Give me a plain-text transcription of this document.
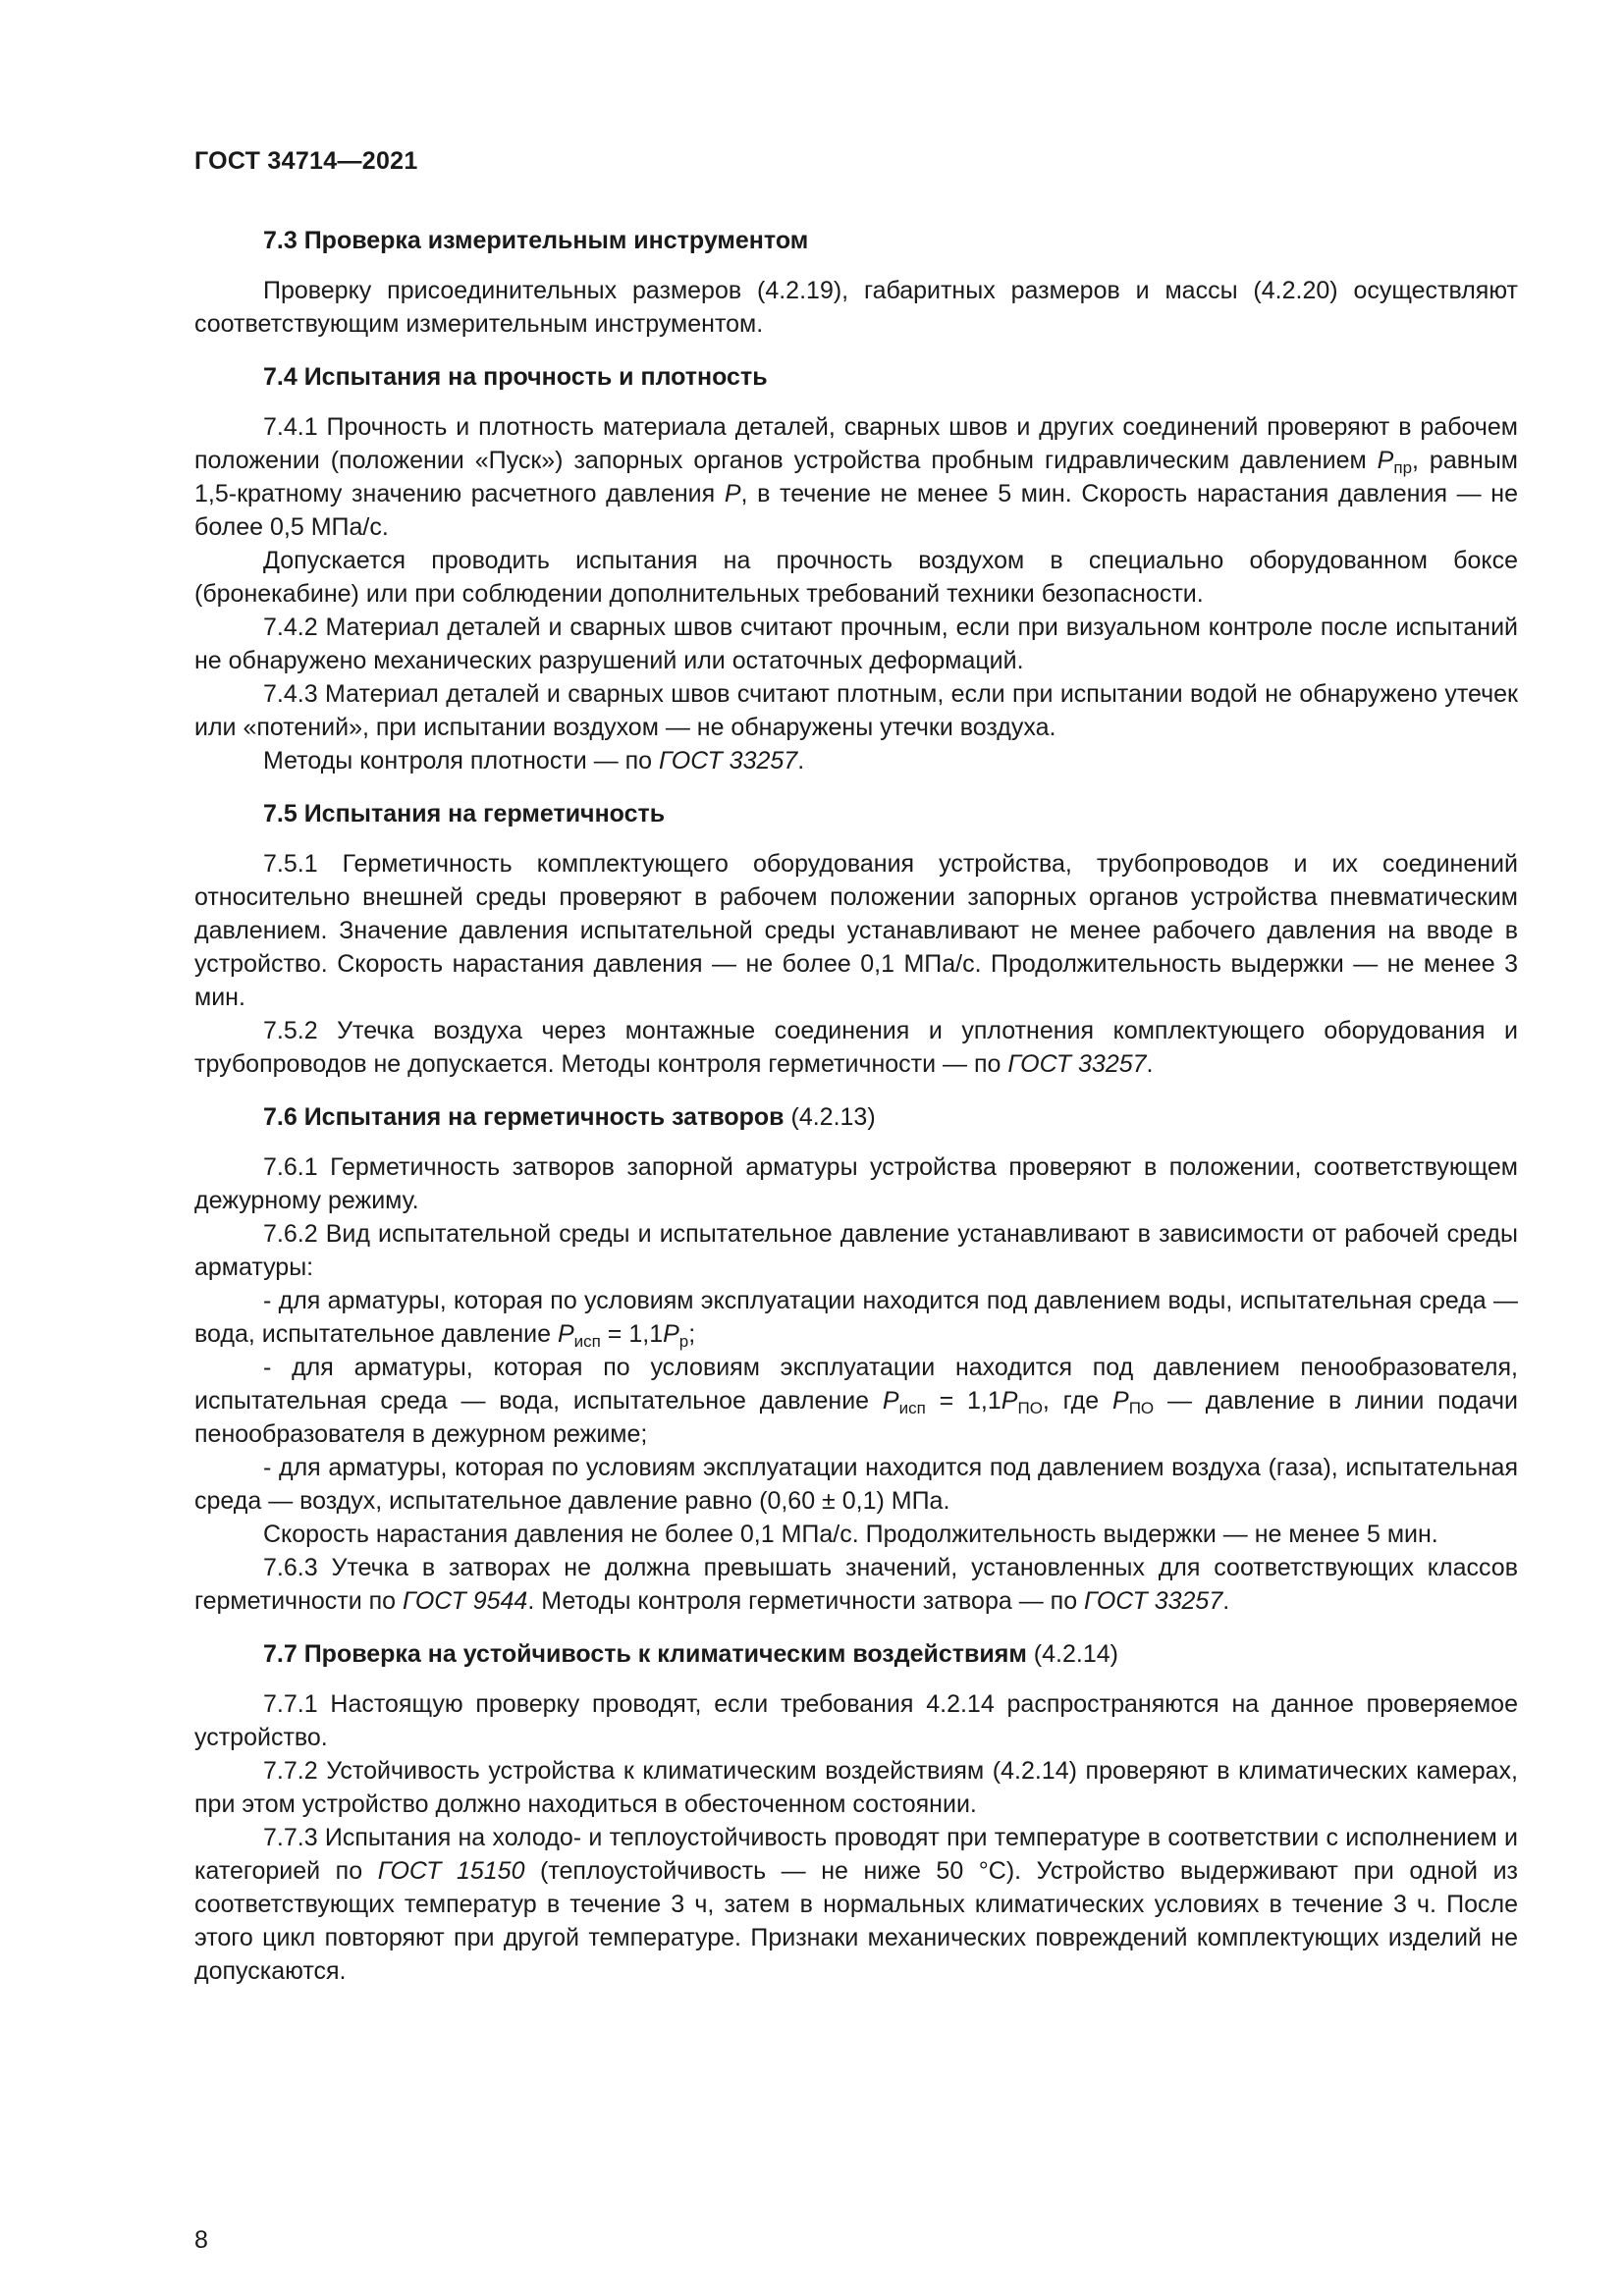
ГОСТ 34714—2021
7.3 Проверка измерительным инструментом

Проверку присоединительных размеров (4.2.19), габаритных размеров и массы (4.2.20) осуществляют соответствующим измерительным инструментом.

7.4 Испытания на прочность и плотность

7.4.1 Прочность и плотность материала деталей, сварных швов и других соединений проверяют в рабочем положении (положении «Пуск») запорных органов устройства пробным гидравлическим давлением $P_{пр}$, равным 1,5-кратному значению расчетного давления P, в течение не менее 5 мин. Скорость нарастания давления — не более 0,5 МПа/с.

Допускается проводить испытания на прочность воздухом в специально оборудованном боксе (бронекабине) или при соблюдении дополнительных требований техники безопасности.

7.4.2 Материал деталей и сварных швов считают прочным, если при визуальном контроле после испытаний не обнаружено механических разрушений или остаточных деформаций.

7.4.3 Материал деталей и сварных швов считают плотным, если при испытании водой не обнаружено утечек или «потений», при испытании воздухом — не обнаружены утечки воздуха.

Методы контроля плотности — по ГОСТ 33257.

7.5 Испытания на герметичность

7.5.1 Герметичность комплектующего оборудования устройства, трубопроводов и их соединений относительно внешней среды проверяют в рабочем положении запорных органов устройства пневматическим давлением. Значение давления испытательной среды устанавливают не менее рабочего давления на вводе в устройство. Скорость нарастания давления — не более 0,1 МПа/с. Продолжительность выдержки — не менее 3 мин.

7.5.2 Утечка воздуха через монтажные соединения и уплотнения комплектующего оборудования и трубопроводов не допускается. Методы контроля герметичности — по ГОСТ 33257.

7.6 Испытания на герметичность затворов (4.2.13)

7.6.1 Герметичность затворов запорной арматуры устройства проверяют в положении, соответствующем дежурному режиму.

7.6.2 Вид испытательной среды и испытательное давление устанавливают в зависимости от рабочей среды арматуры:

- для арматуры, которая по условиям эксплуатации находится под давлением воды, испытательная среда — вода, испытательное давление $P_{исп} = 1,1P_р$;

- для арматуры, которая по условиям эксплуатации находится под давлением пенообразователя, испытательная среда — вода, испытательное давление $P_{исп} = 1,1P_{ПО}$, где $P_{ПО}$ — давление в линии подачи пенообразователя в дежурном режиме;

- для арматуры, которая по условиям эксплуатации находится под давлением воздуха (газа), испытательная среда — воздух, испытательное давление равно (0,60 ± 0,1) МПа.

Скорость нарастания давления не более 0,1 МПа/с. Продолжительность выдержки — не менее 5 мин.

7.6.3 Утечка в затворах не должна превышать значений, установленных для соответствующих классов герметичности по ГОСТ 9544. Методы контроля герметичности затвора — по ГОСТ 33257.

7.7 Проверка на устойчивость к климатическим воздействиям (4.2.14)

7.7.1 Настоящую проверку проводят, если требования 4.2.14 распространяются на данное проверяемое устройство.

7.7.2 Устойчивость устройства к климатическим воздействиям (4.2.14) проверяют в климатических камерах, при этом устройство должно находиться в обесточенном состоянии.

7.7.3 Испытания на холодо- и теплоустойчивость проводят при температуре в соответствии с исполнением и категорией по ГОСТ 15150 (теплоустойчивость — не ниже 50 °С). Устройство выдерживают при одной из соответствующих температур в течение 3 ч, затем в нормальных климатических условиях в течение 3 ч. После этого цикл повторяют при другой температуре. Признаки механических повреждений комплектующих изделий не допускаются.

8
